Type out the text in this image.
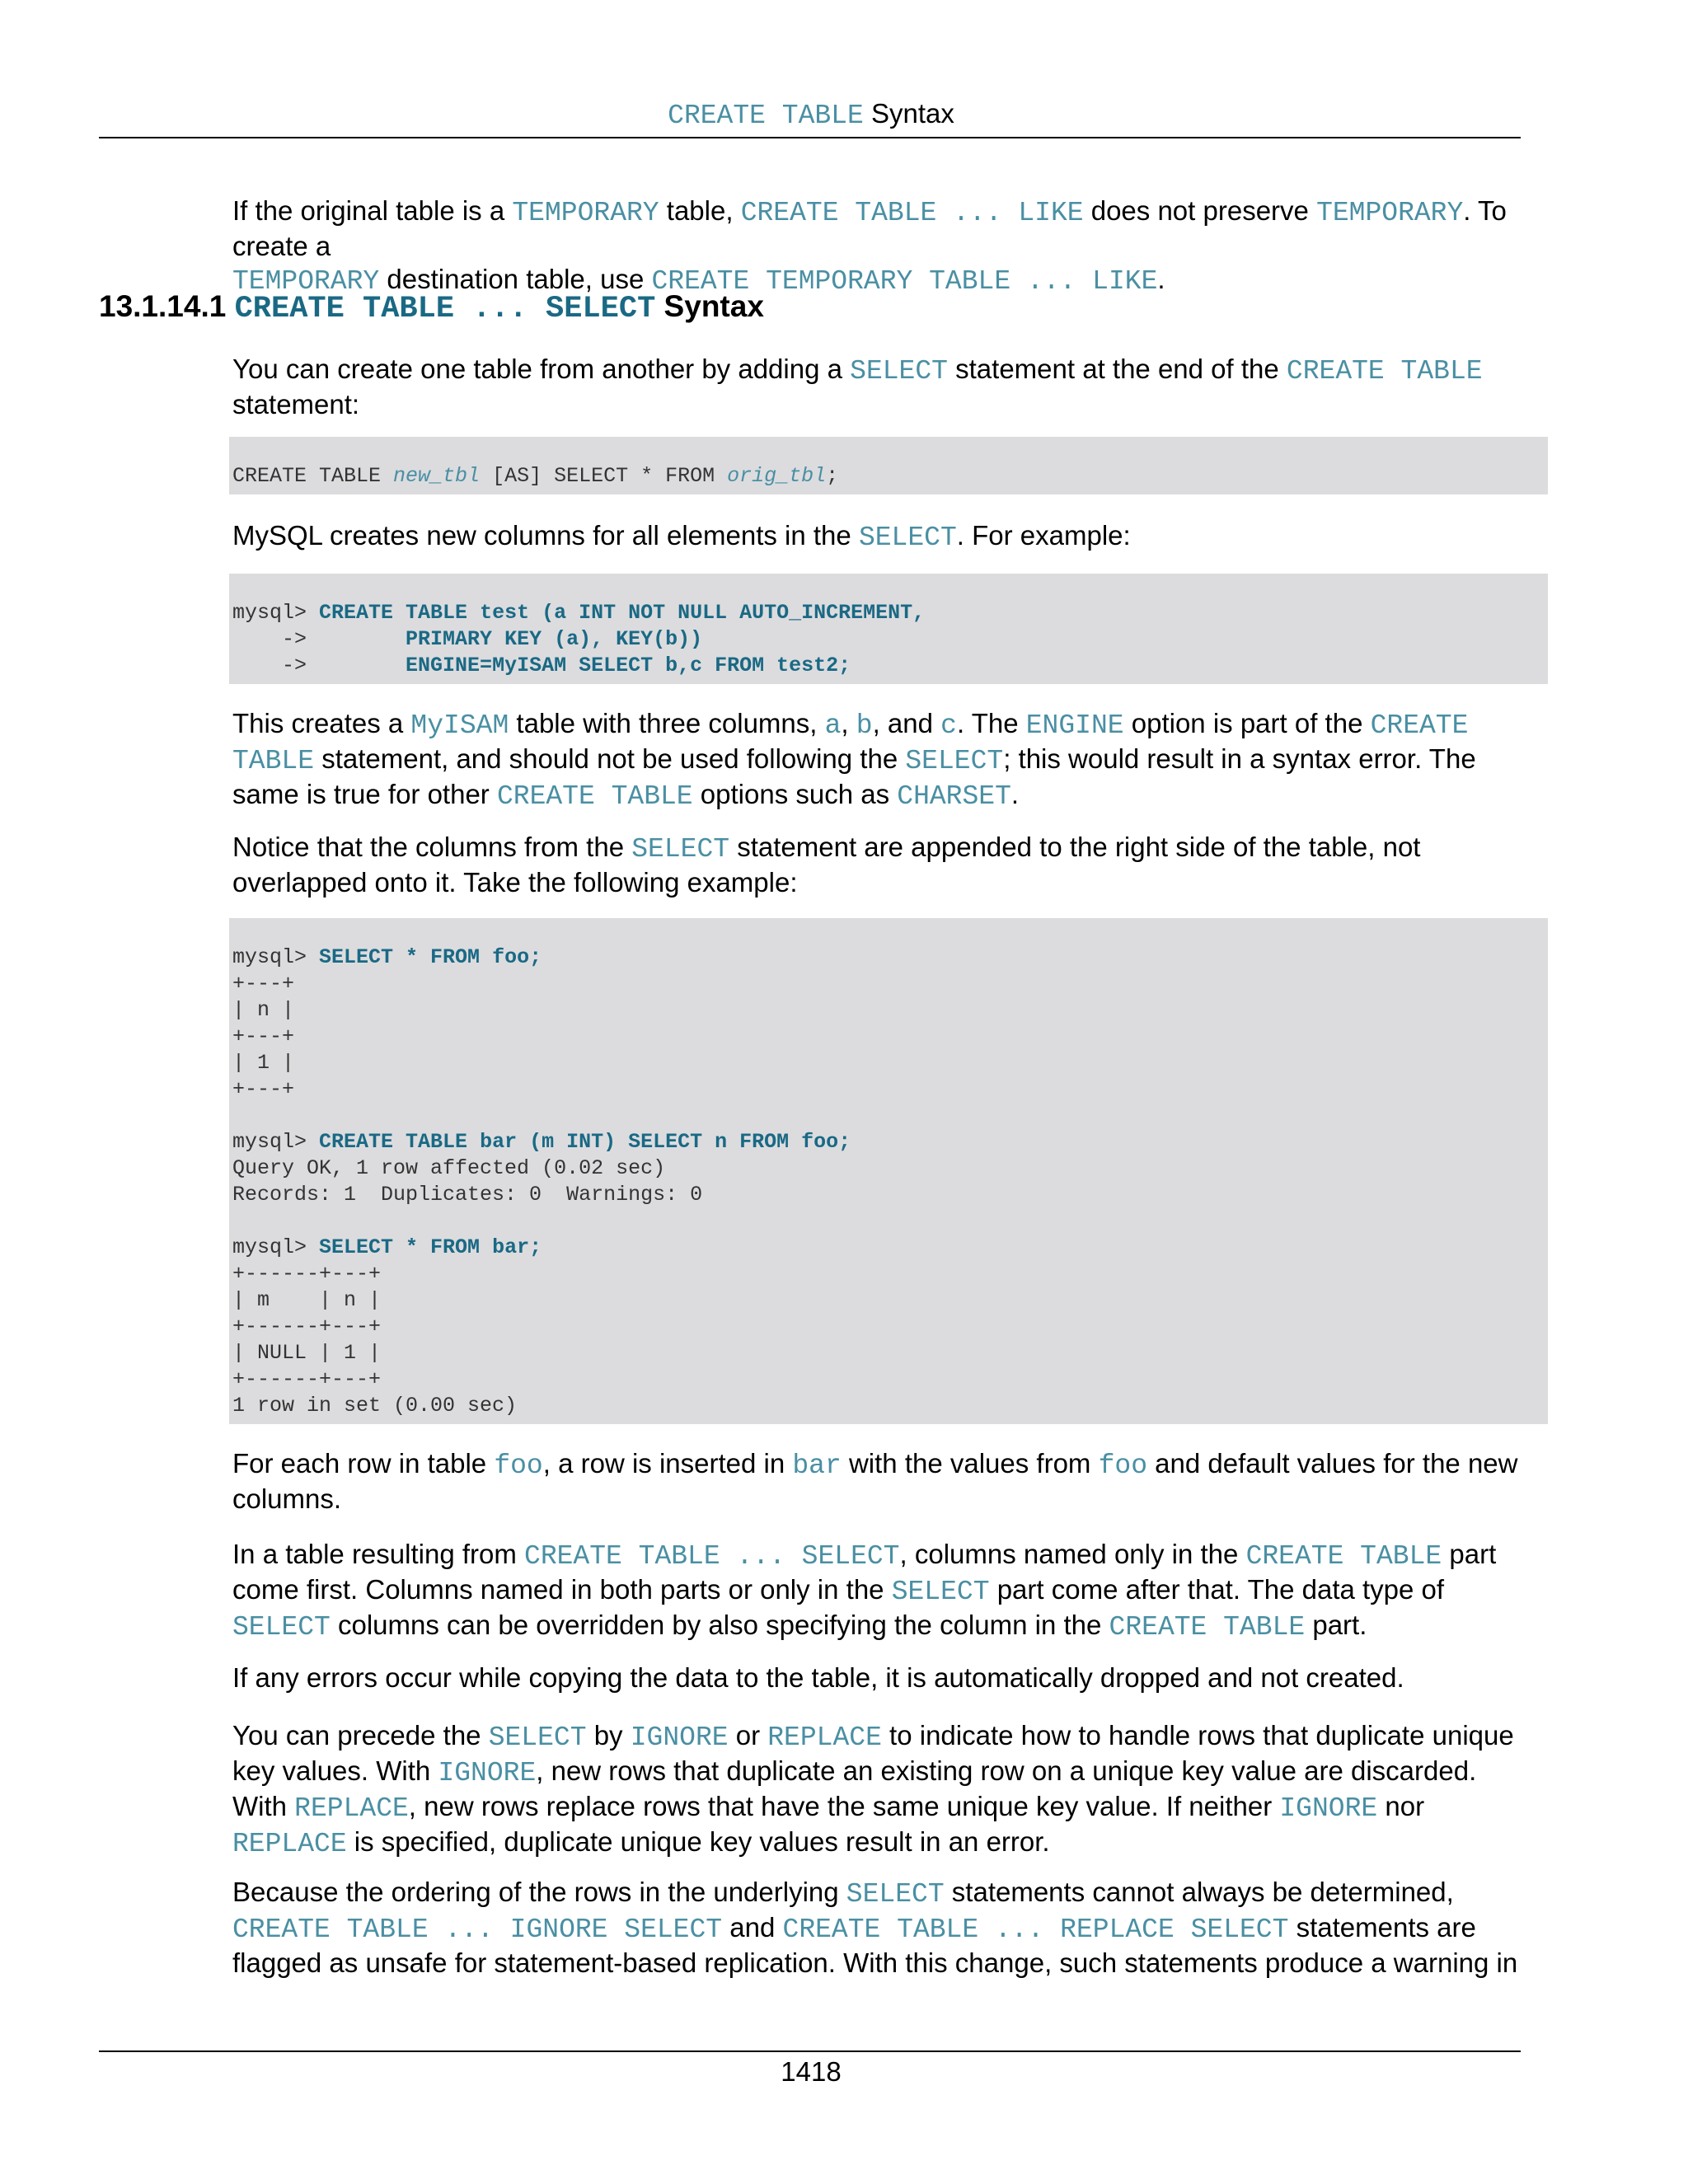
CREATE TABLE Syntax

If the original table is a TEMPORARY table, CREATE TABLE ... LIKE does not preserve TEMPORARY. To create a
TEMPORARY destination table, use CREATE TEMPORARY TABLE ... LIKE.

13.1.14.1 CREATE TABLE ... SELECT Syntax

You can create one table from another by adding a SELECT statement at the end of the CREATE TABLE
statement:

CREATE TABLE new_tbl [AS] SELECT * FROM orig_tbl;

MySQL creates new columns for all elements in the SELECT. For example:

mysql> CREATE TABLE test (a INT NOT NULL AUTO_INCREMENT,
->        PRIMARY KEY (a), KEY(b))
->        ENGINE=MyISAM SELECT b,c FROM test2;

This creates a MyISAM table with three columns, a, b, and c. The ENGINE option is part of the CREATE TABLE statement, and should not be used following the SELECT; this would result in a syntax error. The same is true for other CREATE TABLE options such as CHARSET.

Notice that the columns from the SELECT statement are appended to the right side of the table, not overlapped onto it. Take the following example:

mysql> SELECT * FROM foo;
+---+
| n |
+---+
| 1 |
+---+
mysql> CREATE TABLE bar (m INT) SELECT n FROM foo;
Query OK, 1 row affected (0.02 sec)
Records: 1  Duplicates: 0  Warnings: 0
mysql> SELECT * FROM bar;
+------+---+
| m    | n |
+------+---+
| NULL | 1 |
+------+---+
1 row in set (0.00 sec)

For each row in table foo, a row is inserted in bar with the values from foo and default values for the new columns.

In a table resulting from CREATE TABLE ... SELECT, columns named only in the CREATE TABLE part come first. Columns named in both parts or only in the SELECT part come after that. The data type of SELECT columns can be overridden by also specifying the column in the CREATE TABLE part.

If any errors occur while copying the data to the table, it is automatically dropped and not created.

You can precede the SELECT by IGNORE or REPLACE to indicate how to handle rows that duplicate unique key values. With IGNORE, new rows that duplicate an existing row on a unique key value are discarded. With REPLACE, new rows replace rows that have the same unique key value. If neither IGNORE nor REPLACE is specified, duplicate unique key values result in an error.

Because the ordering of the rows in the underlying SELECT statements cannot always be determined, CREATE TABLE ... IGNORE SELECT and CREATE TABLE ... REPLACE SELECT statements are flagged as unsafe for statement-based replication. With this change, such statements produce a warning in

1418
